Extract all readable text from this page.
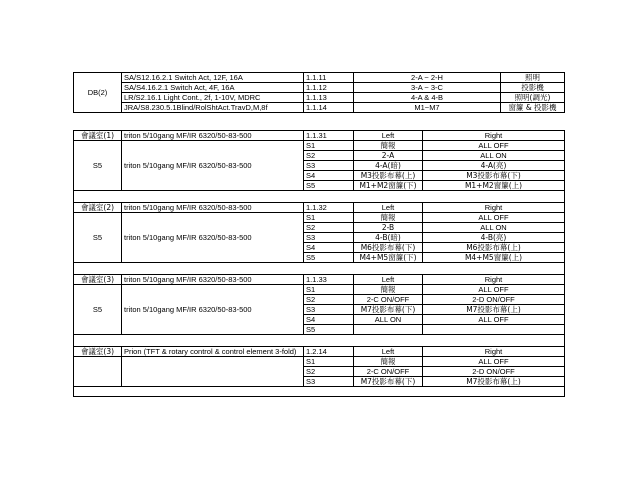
DB(2)	SA/S12.16.2.1 Switch Act, 12F, 16A	1.1.11	2-A ~ 2-H	照明
	SA/S4.16.2.1 Switch Act, 4F, 16A	1.1.12	3-A ~ 3-C	投影機
	LR/S2.16.1 Light Cont., 2f, 1-10V, MDRC	1.1.13	4-A & 4-B	照明(調光)
	JRA/S8.230.5.1Blind/RolShtAct.TravD,M,8f	1.1.14	M1~M7	窗簾 & 投影機
會議室(1)	triton 5/10gang MF/IR 6320/50-83-500	1.1.31	Left	Right
S5	triton 5/10gang MF/IR 6320/50-83-500	S1	簡報	ALL OFF
		S2	2-A	ALL ON
		S3	4-A(暗)	4-A(亮)
		S4	M3投影布幕(上)	M3投影布幕(下)
		S5	M1+M2窗簾(下)	M1+M2窗簾(上)

會議室(2)	triton 5/10gang MF/IR 6320/50-83-500	1.1.32	Left	Right
S5	triton 5/10gang MF/IR 6320/50-83-500	S1	簡報	ALL OFF
		S2	2-B	ALL ON
		S3	4-B(暗)	4-B(亮)
		S4	M6投影布幕(下)	M6投影布幕(上)
		S5	M4+M5窗簾(下)	M4+M5窗簾(上)

會議室(3)	triton 5/10gang MF/IR 6320/50-83-500	1.1.33	Left	Right
S5	triton 5/10gang MF/IR 6320/50-83-500	S1	簡報	ALL OFF
		S2	2-C ON/OFF	2-D ON/OFF
		S3	M7投影布幕(下)	M7投影布幕(上)
		S4	ALL ON	ALL OFF
		S5		

會議室(3)	Prion (TFT & rotary control & control element 3-fold)	1.2.14	Left	Right
		S1	簡報	ALL OFF
		S2	2-C ON/OFF	2-D ON/OFF
		S3	M7投影布幕(下)	M7投影布幕(上)
